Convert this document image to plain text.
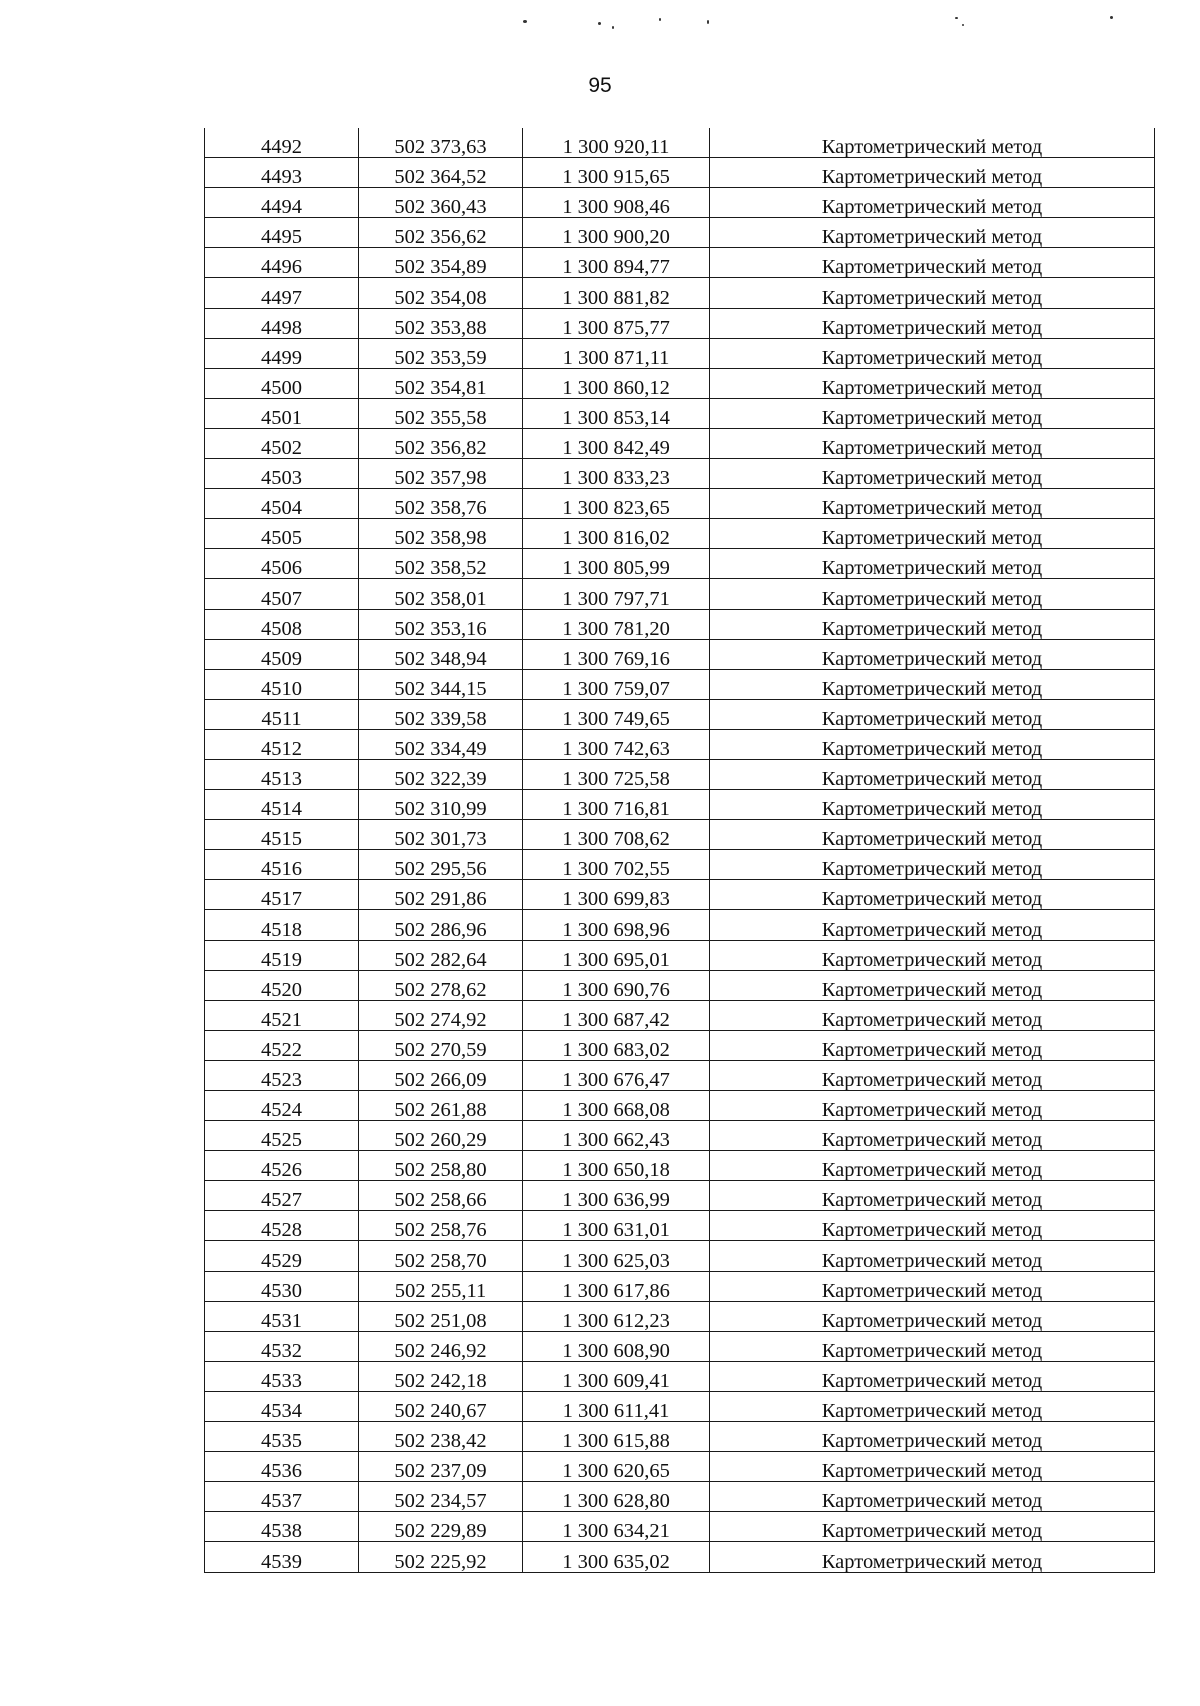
95
4492	502 373,63	1 300 920,11	Картометрический метод
4493	502 364,52	1 300 915,65	Картометрический метод
4494	502 360,43	1 300 908,46	Картометрический метод
4495	502 356,62	1 300 900,20	Картометрический метод
4496	502 354,89	1 300 894,77	Картометрический метод
4497	502 354,08	1 300 881,82	Картометрический метод
4498	502 353,88	1 300 875,77	Картометрический метод
4499	502 353,59	1 300 871,11	Картометрический метод
4500	502 354,81	1 300 860,12	Картометрический метод
4501	502 355,58	1 300 853,14	Картометрический метод
4502	502 356,82	1 300 842,49	Картометрический метод
4503	502 357,98	1 300 833,23	Картометрический метод
4504	502 358,76	1 300 823,65	Картометрический метод
4505	502 358,98	1 300 816,02	Картометрический метод
4506	502 358,52	1 300 805,99	Картометрический метод
4507	502 358,01	1 300 797,71	Картометрический метод
4508	502 353,16	1 300 781,20	Картометрический метод
4509	502 348,94	1 300 769,16	Картометрический метод
4510	502 344,15	1 300 759,07	Картометрический метод
4511	502 339,58	1 300 749,65	Картометрический метод
4512	502 334,49	1 300 742,63	Картометрический метод
4513	502 322,39	1 300 725,58	Картометрический метод
4514	502 310,99	1 300 716,81	Картометрический метод
4515	502 301,73	1 300 708,62	Картометрический метод
4516	502 295,56	1 300 702,55	Картометрический метод
4517	502 291,86	1 300 699,83	Картометрический метод
4518	502 286,96	1 300 698,96	Картометрический метод
4519	502 282,64	1 300 695,01	Картометрический метод
4520	502 278,62	1 300 690,76	Картометрический метод
4521	502 274,92	1 300 687,42	Картометрический метод
4522	502 270,59	1 300 683,02	Картометрический метод
4523	502 266,09	1 300 676,47	Картометрический метод
4524	502 261,88	1 300 668,08	Картометрический метод
4525	502 260,29	1 300 662,43	Картометрический метод
4526	502 258,80	1 300 650,18	Картометрический метод
4527	502 258,66	1 300 636,99	Картометрический метод
4528	502 258,76	1 300 631,01	Картометрический метод
4529	502 258,70	1 300 625,03	Картометрический метод
4530	502 255,11	1 300 617,86	Картометрический метод
4531	502 251,08	1 300 612,23	Картометрический метод
4532	502 246,92	1 300 608,90	Картометрический метод
4533	502 242,18	1 300 609,41	Картометрический метод
4534	502 240,67	1 300 611,41	Картометрический метод
4535	502 238,42	1 300 615,88	Картометрический метод
4536	502 237,09	1 300 620,65	Картометрический метод
4537	502 234,57	1 300 628,80	Картометрический метод
4538	502 229,89	1 300 634,21	Картометрический метод
4539	502 225,92	1 300 635,02	Картометрический метод
